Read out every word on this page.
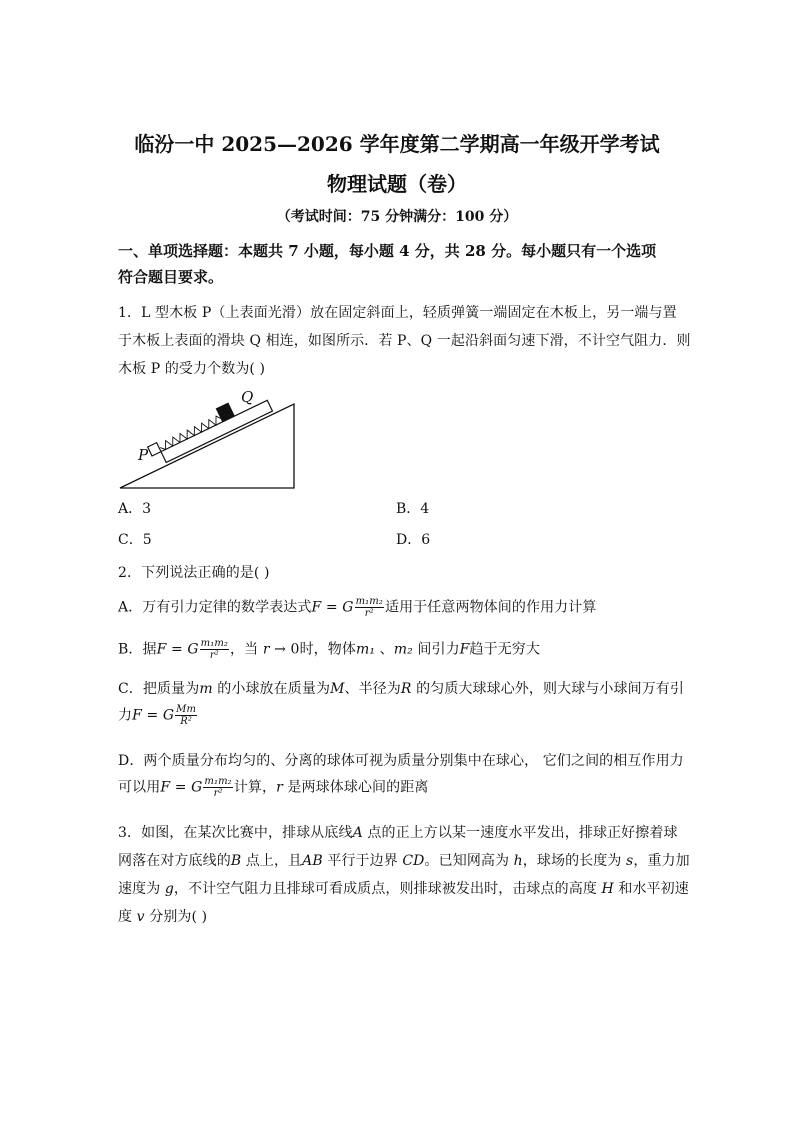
临汾一中 2025—2026 学年度第二学期高一年级开学考试
物理试题（卷）
（考试时间：75 分钟满分：100 分）
一、单项选择题：本题共 7 小题，每小题 4 分，共 28 分。每小题只有一个选项
符合题目要求。
1．L 型木板 P（上表面光滑）放在固定斜面上，轻质弹簧一端固定在木板上，另一端与置
于木板上表面的滑块 Q 相连，如图所示．若 P、Q 一起沿斜面匀速下滑，不计空气阻力．则
木板 P 的受力个数为( )
P
Q
A．3	B．4
C．5	D．6
2．下列说法正确的是( )
A．万有引力定律的数学表达式F = G $\frac{\text{m₁m₂}}{\text{r²}}$ 适用于任意两物体间的作用力计算
B．据F = G $\frac{\text{m₁m₂}}{\text{r²}}$ ，当 r → 0时，物体m₁ 、m₂ 间引力F趋于无穷大
C．把质量为m 的小球放在质量为M、半径为R 的匀质大球球心外，则大球与小球间万有引
力F = G $\frac{Mm}{\text{R²}}$
D．两个质量分布均匀的、分离的球体可视为质量分别集中在球心， 它们之间的相互作用力
可以用F = G $\frac{\text{m₁m₂}}{\text{r²}}$ 计算，r 是两球体球心间的距离
3．如图，在某次比赛中，排球从底线A 点的正上方以某一速度水平发出，排球正好擦着球
网落在对方底线的B 点上，且AB 平行于边界 CD。已知网高为 h，球场的长度为 s，重力加
速度为 g，不计空气阻力且排球可看成质点，则排球被发出时，击球点的高度 H 和水平初速
度 v 分别为( )
